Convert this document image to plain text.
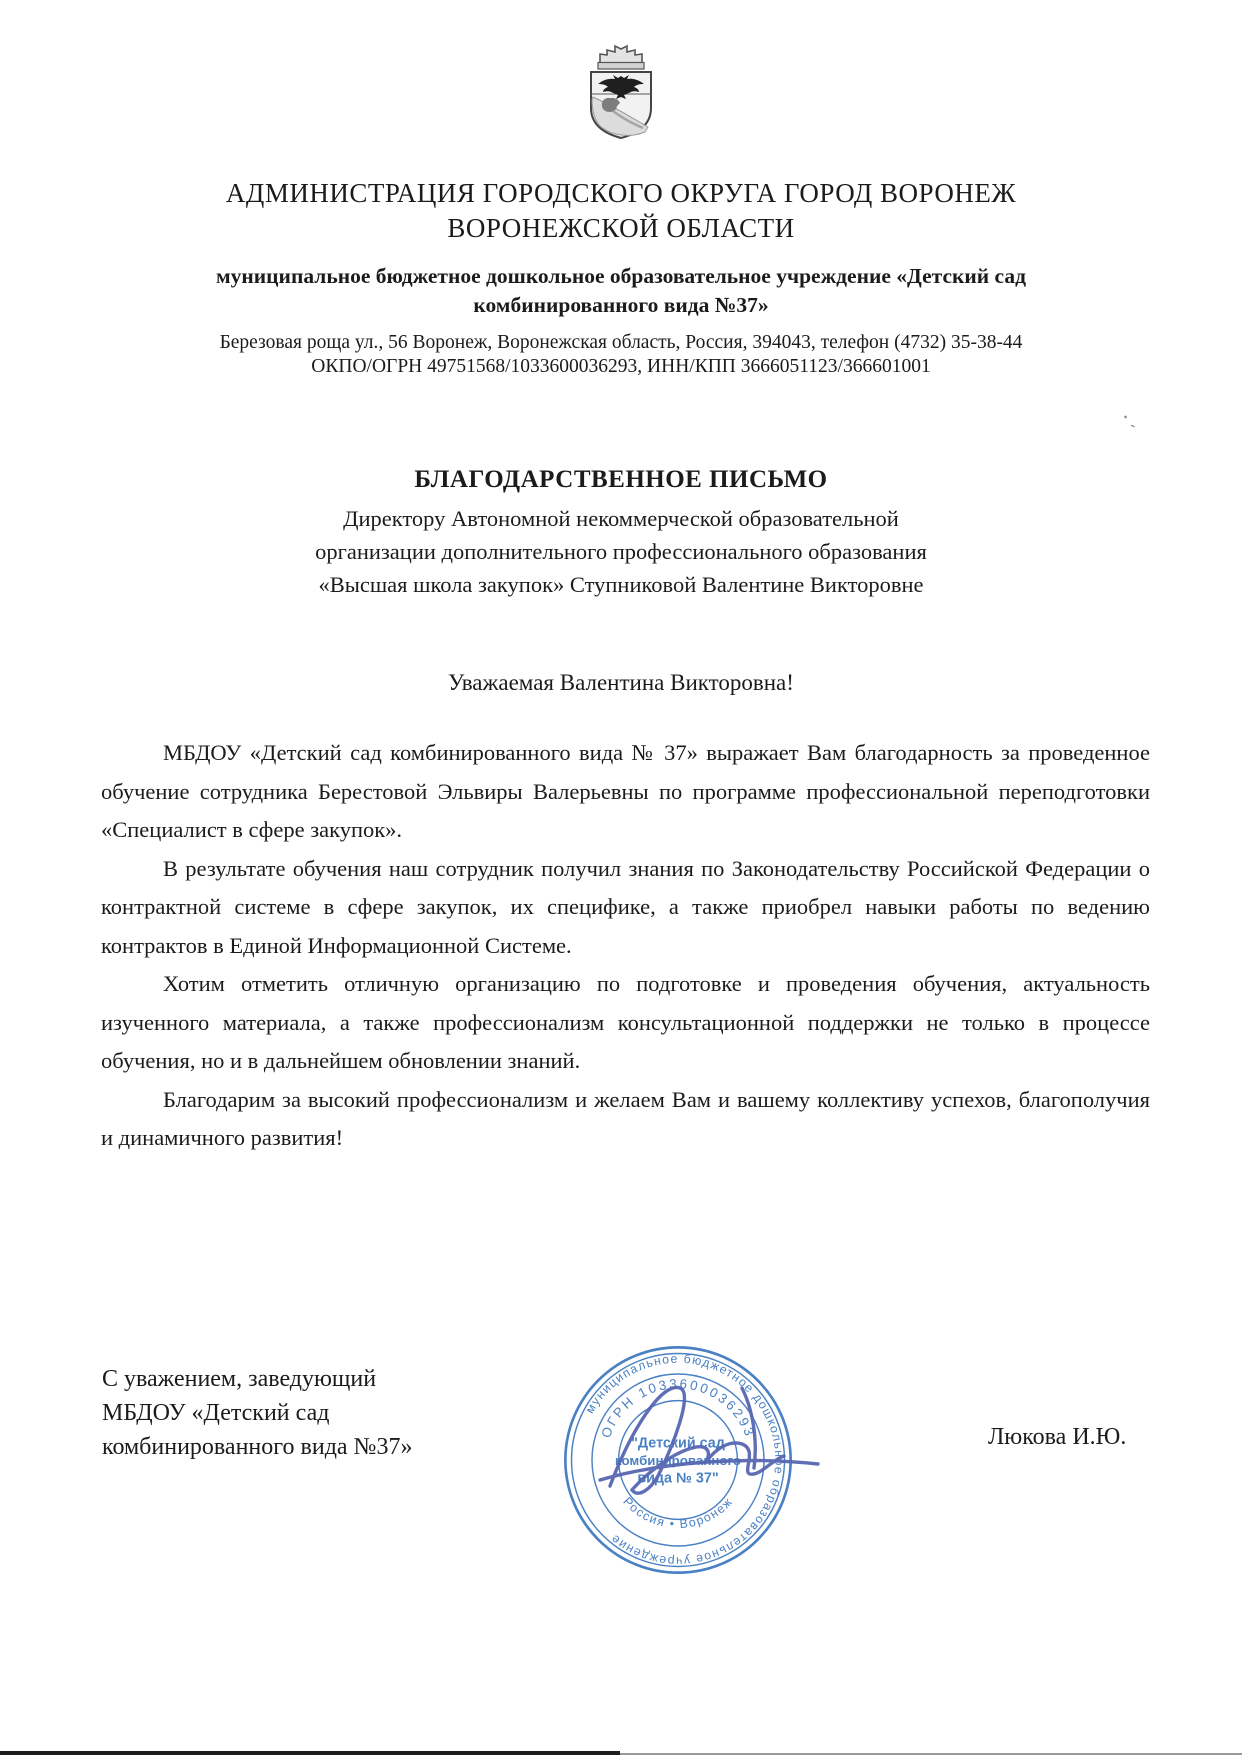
АДМИНИСТРАЦИЯ ГОРОДСКОГО ОКРУГА ГОРОД ВОРОНЕЖ
ВОРОНЕЖСКОЙ ОБЛАСТИ
муниципальное бюджетное дошкольное образовательное учреждение «Детский сад
комбинированного вида №37»
Березовая роща ул., 56 Воронеж, Воронежская область, Россия, 394043, телефон (4732) 35-38-44
ОКПО/ОГРН 49751568/1033600036293, ИНН/КПП 3666051123/366601001
᠂ˎ
БЛАГОДАРСТВЕННОЕ ПИСЬМО
Директору Автономной некоммерческой образовательной
организации дополнительного профессионального образования
«Высшая школа закупок» Ступниковой Валентине Викторовне
Уважаемая Валентина Викторовна!

МБДОУ «Детский сад комбинированного вида № 37» выражает Вам благодарность за проведенное обучение сотрудника Берестовой Эльвиры Валерьевны по программе профессиональной переподготовки «Специалист в сфере закупок».

В результате обучения наш сотрудник получил знания по Законодательству Российской Федерации о контрактной системе в сфере закупок, их специфике, а также приобрел навыки работы по ведению контрактов в Единой Информационной Системе.

Хотим отметить отличную организацию по подготовке и проведения обучения, актуальность изученного материала, а также профессионализм консультационной поддержки не только в процессе обучения, но и в дальнейшем обновлении знаний.

Благодарим за высокий профессионализм и желаем Вам и вашему коллективу успехов, благополучия и динамичного развития!

С уважением, заведующий
МБДОУ «Детский сад
комбинированного вида №37»
муниципальное бюджетное дошкольное образовательное учреждение
ОГРН 1033600036293
Россия • Воронеж
"Детский сад
комбинированного
вида № 37"
Люкова И.Ю.
